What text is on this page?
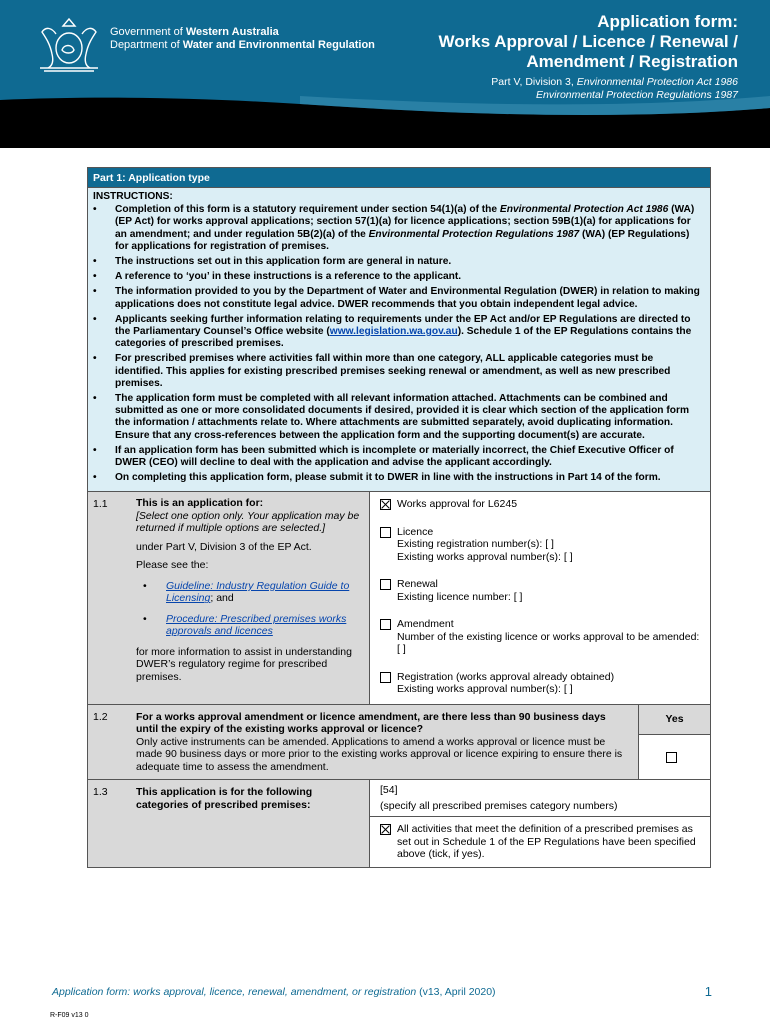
Government of Western Australia
Department of Water and Environmental Regulation
Application form:
Works Approval / Licence / Renewal /
Amendment / Registration
Part V, Division 3, Environmental Protection Act 1986
Environmental Protection Regulations 1987
Part 1: Application type
INSTRUCTIONS:
• Completion of this form is a statutory requirement under section 54(1)(a) of the Environmental Protection Act 1986 (WA) (EP Act) for works approval applications; section 57(1)(a) for licence applications; section 59B(1)(a) for applications for an amendment; and under regulation 5B(2)(a) of the Environmental Protection Regulations 1987 (WA) (EP Regulations) for applications for registration of premises.
• The instructions set out in this application form are general in nature.
• A reference to ‘you’ in these instructions is a reference to the applicant.
• The information provided to you by the Department of Water and Environmental Regulation (DWER) in relation to making applications does not constitute legal advice. DWER recommends that you obtain independent legal advice.
• Applicants seeking further information relating to requirements under the EP Act and/or EP Regulations are directed to the Parliamentary Counsel’s Office website (www.legislation.wa.gov.au). Schedule 1 of the EP Regulations contains the categories of prescribed premises.
• For prescribed premises where activities fall within more than one category, ALL applicable categories must be identified. This applies for existing prescribed premises seeking renewal or amendment, as well as new prescribed premises.
• The application form must be completed with all relevant information attached. Attachments can be combined and submitted as one or more consolidated documents if desired, provided it is clear which section of the application form the information / attachments relate to. Where attachments are submitted separately, avoid duplicating information. Ensure that any cross-references between the application form and the supporting document(s) are accurate.
• If an application form has been submitted which is incomplete or materially incorrect, the Chief Executive Officer of DWER (CEO) will decline to deal with the application and advise the applicant accordingly.
• On completing this application form, please submit it to DWER in line with the instructions in Part 14 of the form.
1.1	This is an application for:
[Select one option only. Your application may be returned if multiple options are selected.]
under Part V, Division 3 of the EP Act.
Please see the:
• Guideline: Industry Regulation Guide to Licensing; and
• Procedure: Prescribed premises works approvals and licences
for more information to assist in understanding DWER’s regulatory regime for prescribed premises.
Works approval for L6245
Licence
Existing registration number(s): [ ]
Existing works approval number(s): [ ]
Renewal
Existing licence number: [ ]
Amendment
Number of the existing licence or works approval to be amended: [ ]
Registration (works approval already obtained)
Existing works approval number(s): [ ]
1.2	For a works approval amendment or licence amendment, are there less than 90 business days until the expiry of the existing works approval or licence?
Only active instruments can be amended. Applications to amend a works approval or licence must be made 90 business days or more prior to the existing works approval or licence expiring to ensure there is adequate time to assess the amendment.
Yes
1.3	This application is for the following categories of prescribed premises:
[54]
(specify all prescribed premises category numbers)
All activities that meet the definition of a prescribed premises as set out in Schedule 1 of the EP Regulations have been specified above (tick, if yes).
Application form: works approval, licence, renewal, amendment, or registration (v13, April 2020)	1
R-F09 v13 0
